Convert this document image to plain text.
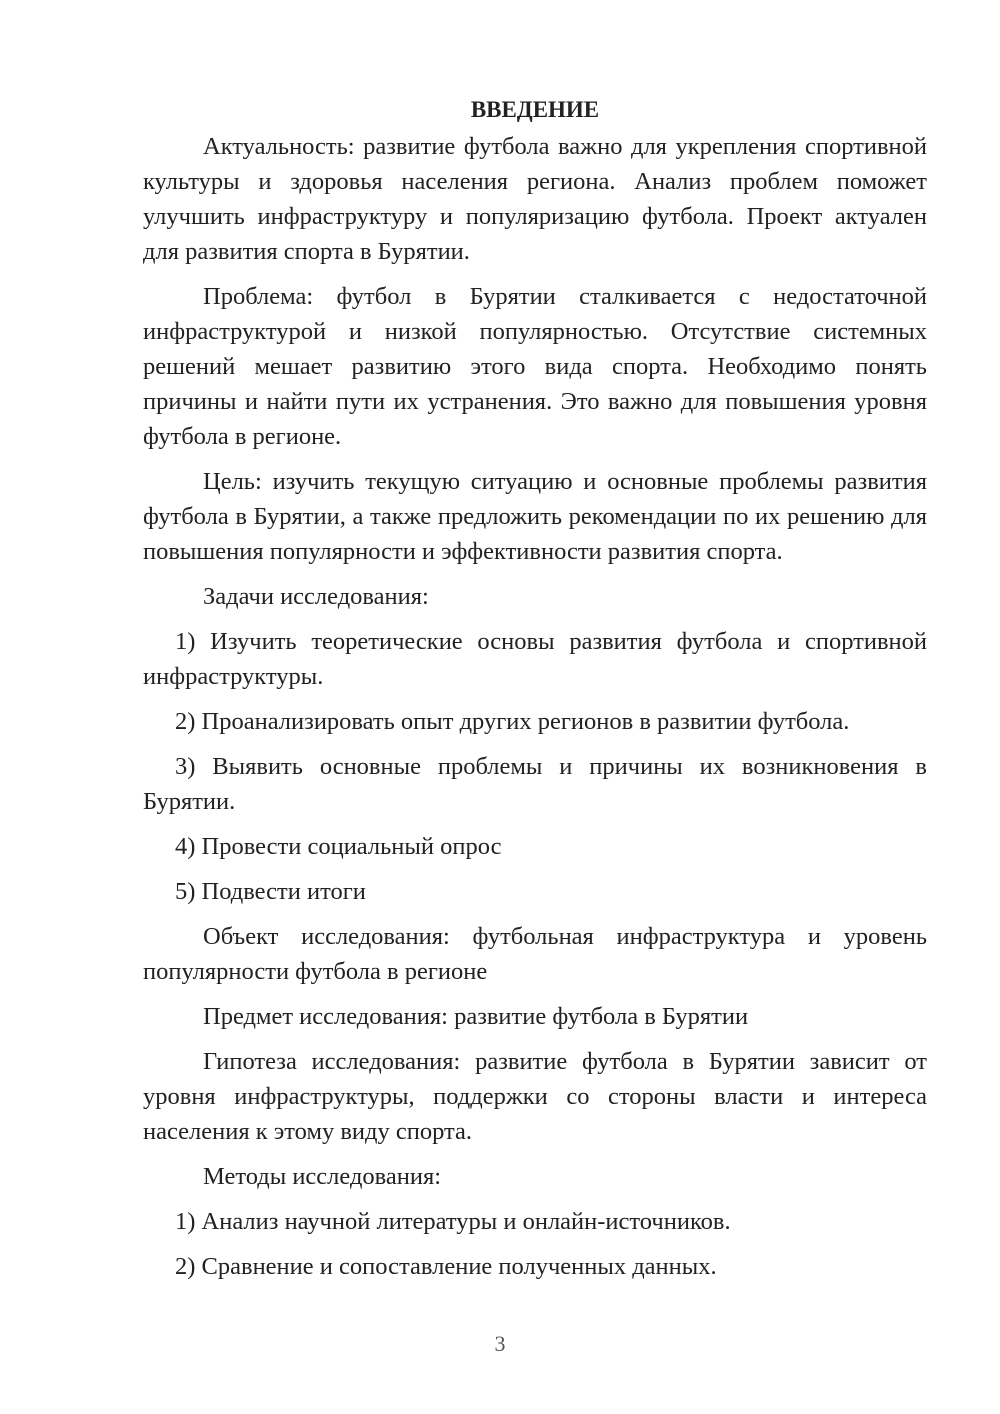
ВВЕДЕНИЕ

Актуальность: развитие футбола важно для укрепления спортивной культуры и здоровья населения региона. Анализ проблем поможет улучшить инфраструктуру и популяризацию футбола. Проект актуален для развития спорта в Бурятии.

Проблема: футбол в Бурятии сталкивается с недостаточной инфраструктурой и низкой популярностью. Отсутствие системных решений мешает развитию этого вида спорта. Необходимо понять причины и найти пути их устранения. Это важно для повышения уровня футбола в регионе.

Цель: изучить текущую ситуацию и основные проблемы развития футбола в Бурятии, а также предложить рекомендации по их решению для повышения популярности и эффективности развития спорта.

Задачи исследования:

1) Изучить теоретические основы развития футбола и спортивной инфраструктуры.

2) Проанализировать опыт других регионов в развитии футбола.

3) Выявить основные проблемы и причины их возникновения в Бурятии.

4) Провести социальный опрос

5) Подвести итоги

Объект исследования: футбольная инфраструктура и уровень популярности футбола в регионе

Предмет исследования: развитие футбола в Бурятии

Гипотеза исследования: развитие футбола в Бурятии зависит от уровня инфраструктуры, поддержки со стороны власти и интереса населения к этому виду спорта.

Методы исследования:

1) Анализ научной литературы и онлайн-источников.

2) Сравнение и сопоставление полученных данных.

3
